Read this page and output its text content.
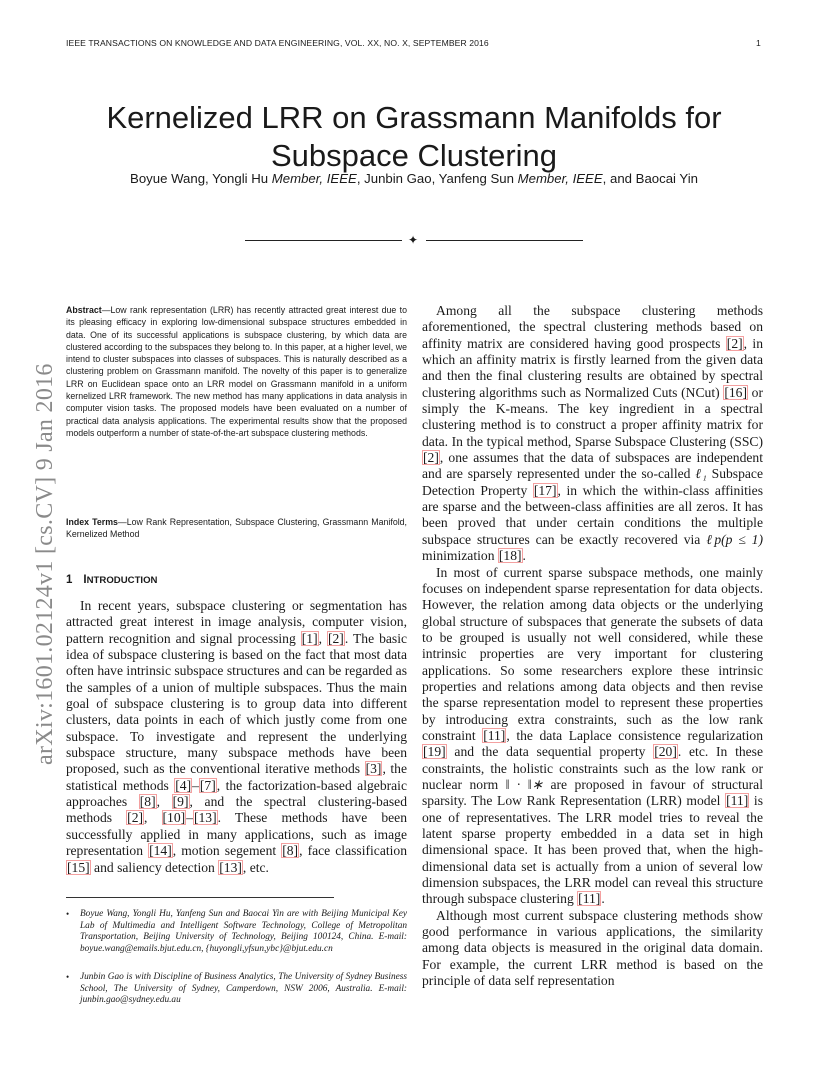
IEEE TRANSACTIONS ON KNOWLEDGE AND DATA ENGINEERING, VOL. XX, NO. X, SEPTEMBER 2016	1
Kernelized LRR on Grassmann Manifolds for
Subspace Clustering
Boyue Wang, Yongli Hu Member, IEEE, Junbin Gao, Yanfeng Sun Member, IEEE, and Baocai Yin
✦
arXiv:1601.02124v1 [cs.CV] 9 Jan 2016
Abstract—Low rank representation (LRR) has recently attracted great interest due to its pleasing efficacy in exploring low-dimensional subspace structures embedded in data. One of its successful applications is subspace clustering, by which data are clustered according to the subspaces they belong to. In this paper, at a higher level, we intend to cluster subspaces into classes of subspaces. This is naturally described as a clustering problem on Grassmann manifold. The novelty of this paper is to generalize LRR on Euclidean space onto an LRR model on Grassmann manifold in a uniform kernelized LRR framework. The new method has many applications in data analysis in computer vision tasks. The proposed models have been evaluated on a number of practical data analysis applications. The experimental results show that the proposed models outperform a number of state-of-the-art subspace clustering methods.
Index Terms—Low Rank Representation, Subspace Clustering, Grassmann Manifold, Kernelized Method
1 INTRODUCTION

In recent years, subspace clustering or segmentation has attracted great interest in image analysis, computer vision, pattern recognition and signal processing [1], [2]. The basic idea of subspace clustering is based on the fact that most data often have intrinsic subspace structures and can be regarded as the samples of a union of multiple subspaces. Thus the main goal of subspace clustering is to group data into different clusters, data points in each of which justly come from one subspace. To investigate and represent the underlying subspace structure, many subspace methods have been proposed, such as the conventional iterative methods [3], the statistical methods [4]–[7], the factorization-based algebraic approaches [8], [9], and the spectral clustering-based methods [2], [10]–[13]. These methods have been successfully applied in many applications, such as image representation [14], motion segement [8], face classification [15] and saliency detection [13], etc.

• Boyue Wang, Yongli Hu, Yanfeng Sun and Baocai Yin are with Beijing Municipal Key Lab of Multimedia and Intelligent Software Technology, College of Metropolitan Transportation, Beijing University of Technology, Beijing 100124, China. E-mail: boyue.wang@emails.bjut.edu.cn, {huyongli,yfsun,ybc}@bjut.edu.cn
• Junbin Gao is with Discipline of Business Analytics, The University of Sydney Business School, The University of Sydney, Camperdown, NSW 2006, Australia. E-mail: junbin.gao@sydney.edu.au

Among all the subspace clustering methods aforementioned, the spectral clustering methods based on affinity matrix are considered having good prospects [2], in which an affinity matrix is firstly learned from the given data and then the final clustering results are obtained by spectral clustering algorithms such as Normalized Cuts (NCut) [16] or simply the K-means. The key ingredient in a spectral clustering method is to construct a proper affinity matrix for data. In the typical method, Sparse Subspace Clustering (SSC) [2], one assumes that the data of subspaces are independent and are sparsely represented under the so-called ℓ₁ Subspace Detection Property [17], in which the within-class affinities are sparse and the between-class affinities are all zeros. It has been proved that under certain conditions the multiple subspace structures can be exactly recovered via ℓp(p ≤ 1) minimization [18].

In most of current sparse subspace methods, one mainly focuses on independent sparse representation for data objects. However, the relation among data objects or the underlying global structure of subspaces that generate the subsets of data to be grouped is usually not well considered, while these intrinsic properties are very important for clustering applications. So some researchers explore these intrinsic properties and relations among data objects and then revise the sparse representation model to represent these properties by introducing extra constraints, such as the low rank constraint [11], the data Laplace consistence regularization [19] and the data sequential property [20]. etc. In these constraints, the holistic constraints such as the low rank or nuclear norm ‖ · ‖∗ are proposed in favour of structural sparsity. The Low Rank Representation (LRR) model [11] is one of representatives. The LRR model tries to reveal the latent sparse property embedded in a data set in high dimensional space. It has been proved that, when the high-dimensional data set is actually from a union of several low dimension subspaces, the LRR model can reveal this structure through subspace clustering [11].

Although most current subspace clustering methods show good performance in various applications, the similarity among data objects is measured in the original data domain. For example, the current LRR method is based on the principle of data self representation
